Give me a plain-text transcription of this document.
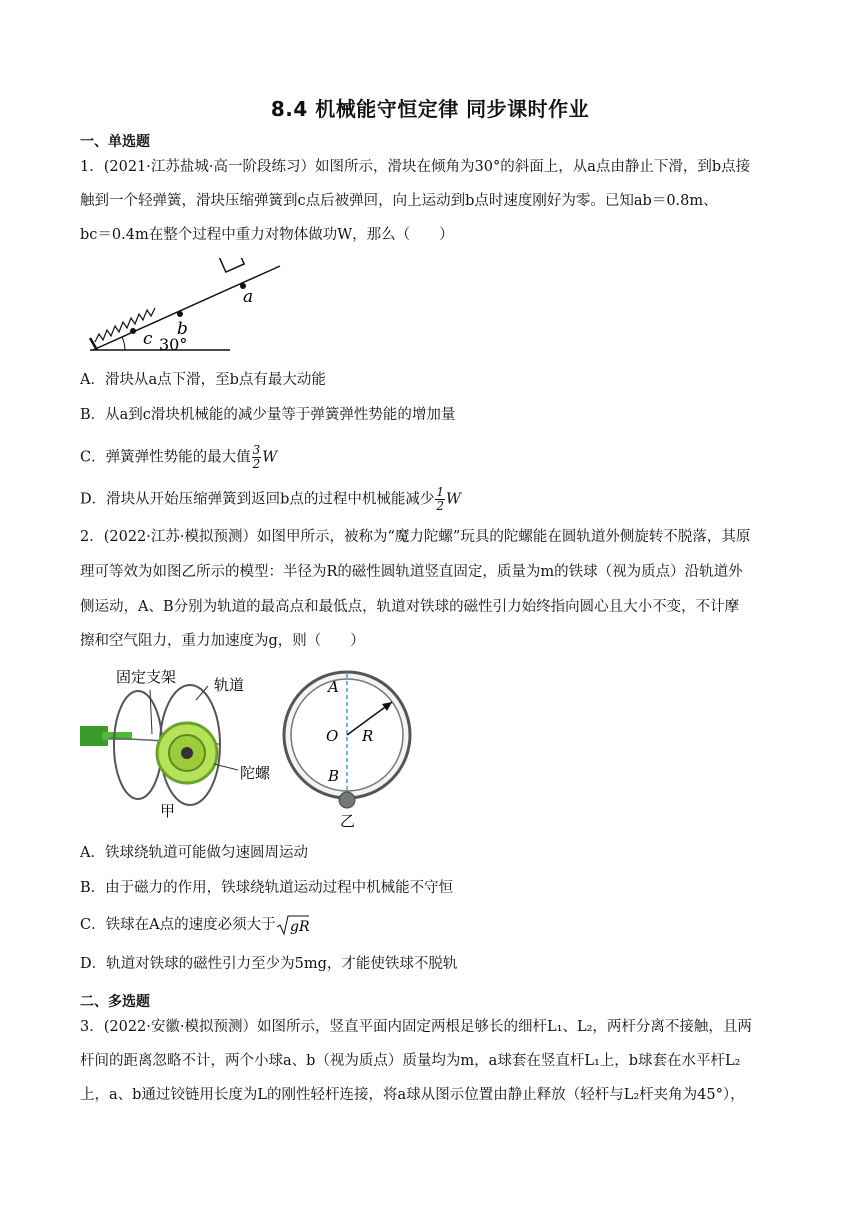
8.4 机械能守恒定律 同步课时作业
一、单选题
1．(2021·江苏盐城·高一阶段练习）如图所示，滑块在倾角为30°的斜面上，从a点由静止下滑，到b点接
触到一个轻弹簧，滑块压缩弹簧到c点后被弹回，向上运动到b点时速度刚好为零。已知ab＝0.8m、
bc＝0.4m在整个过程中重力对物体做功W，那么（　　）
a
b
c 30°
A．滑块从a点下滑，至b点有最大动能
B．从a到c滑块机械能的减少量等于弹簧弹性势能的增加量
C．弹簧弹性势能的最大值 $\frac{3}{2}$ W
D．滑块从开始压缩弹簧到返回b点的过程中机械能减少 $\frac{1}{2}$ W
2．(2022·江苏·模拟预测）如图甲所示，被称为“魔力陀螺”玩具的陀螺能在圆轨道外侧旋转不脱落，其原
理可等效为如图乙所示的模型：半径为R的磁性圆轨道竖直固定，质量为m的铁球（视为质点）沿轨道外
侧运动，A、B分别为轨道的最高点和最低点，轨道对铁球的磁性引力始终指向圆心且大小不变，不计摩
擦和空气阻力，重力加速度为g，则（　　）
固定支架	轨道
陀螺
甲
A
O R
B
乙
A．铁球绕轨道可能做匀速圆周运动
B．由于磁力的作用，铁球绕轨道运动过程中机械能不守恒
C．铁球在A点的速度必须大于 gR
D．轨道对铁球的磁性引力至少为5mg，才能使铁球不脱轨
二、多选题
3．(2022·安徽·模拟预测）如图所示，竖直平面内固定两根足够长的细杆L₁、L₂，两杆分离不接触，且两
杆间的距离忽略不计，两个小球a、b（视为质点）质量均为m，a球套在竖直杆L₁上，b球套在水平杆L₂
上，a、b通过铰链用长度为L的刚性轻杆连接，将a球从图示位置由静止释放（轻杆与L₂杆夹角为45°），
